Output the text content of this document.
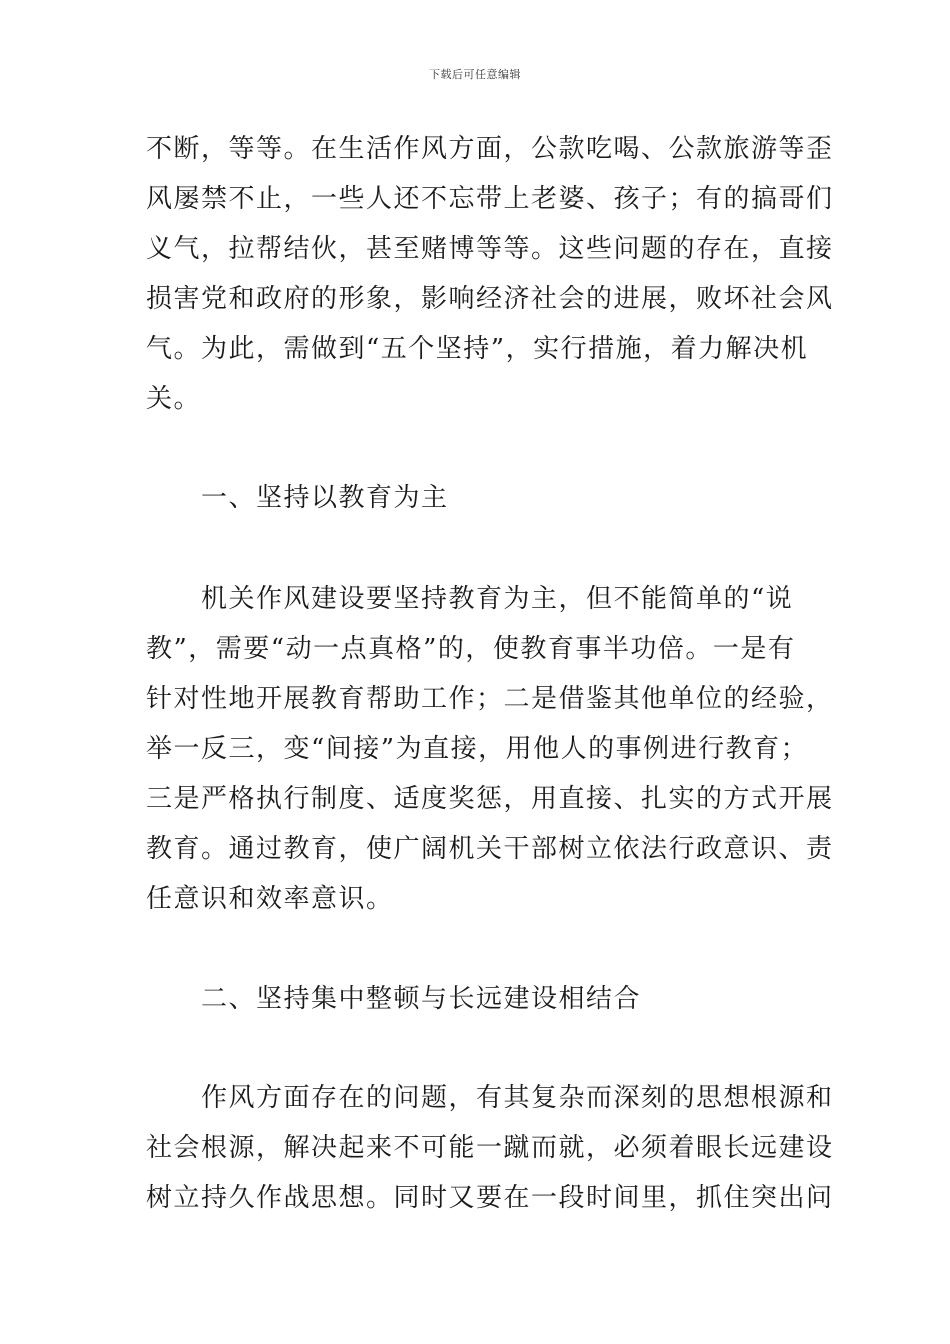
下载后可任意编辑
不断，等等。在生活作风方面，公款吃喝、公款旅游等歪
风屡禁不止，一些人还不忘带上老婆、孩子；有的搞哥们
义气，拉帮结伙，甚至赌博等等。这些问题的存在，直接
损害党和政府的形象，影响经济社会的进展，败坏社会风
气。为此，需做到“五个坚持”，实行措施，着力解决机
关。
　　一、坚持以教育为主
　　机关作风建设要坚持教育为主，但不能简单的“说
教”，需要“动一点真格”的，使教育事半功倍。一是有
针对性地开展教育帮助工作；二是借鉴其他单位的经验，
举一反三，变“间接”为直接，用他人的事例进行教育；
三是严格执行制度、适度奖惩，用直接、扎实的方式开展
教育。通过教育，使广阔机关干部树立依法行政意识、责
任意识和效率意识。
　　二、坚持集中整顿与长远建设相结合
　　作风方面存在的问题，有其复杂而深刻的思想根源和
社会根源，解决起来不可能一蹴而就，必须着眼长远建设
树立持久作战思想。同时又要在一段时间里，抓住突出问
